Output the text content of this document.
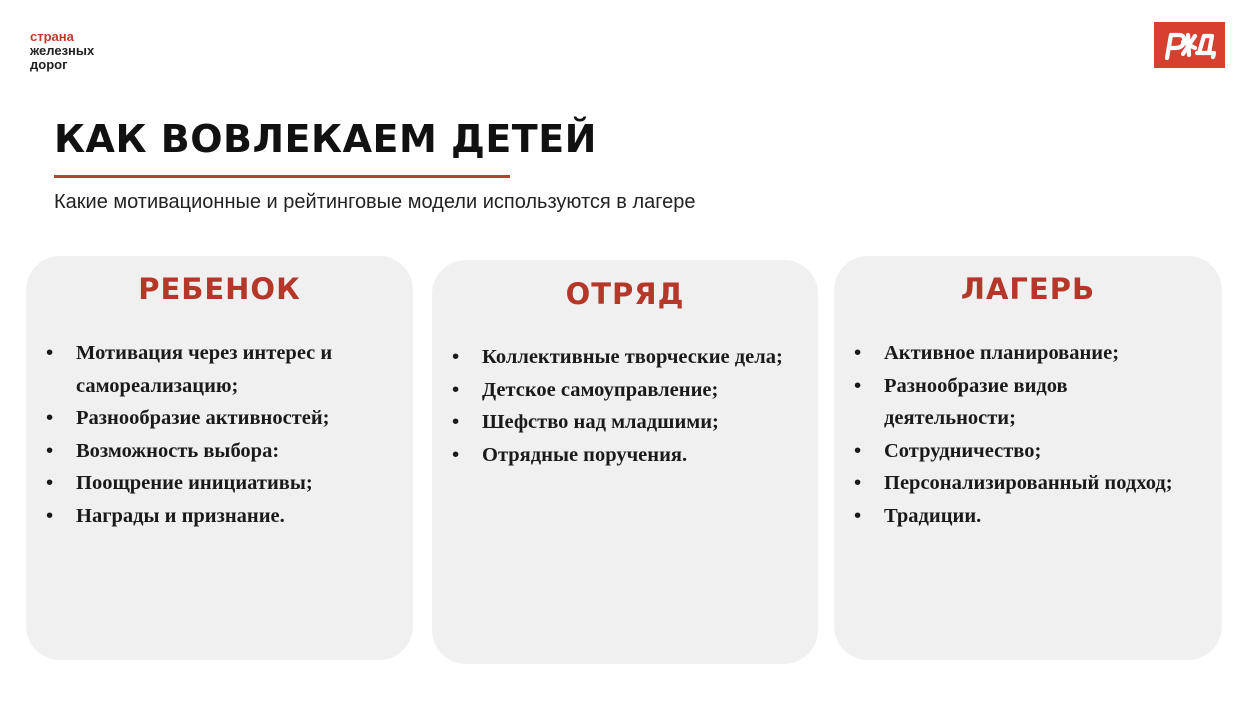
страна
железных
дорог
КАК ВОВЛЕКАЕМ ДЕТЕЙ
Какие мотивационные и рейтинговые модели используются в лагере
РЕБЕНОК
• Мотивация через интерес и самореализацию;
• Разнообразие активностей;
• Возможность выбора:
• Поощрение инициативы;
• Награды и признание.
ОТРЯД
• Коллективные творческие дела;
• Детское самоуправление;
• Шефство над младшими;
• Отрядные поручения.
ЛАГЕРЬ
• Активное планирование;
• Разнообразие видов деятельности;
• Сотрудничество;
• Персонализированный подход;
• Традиции.
